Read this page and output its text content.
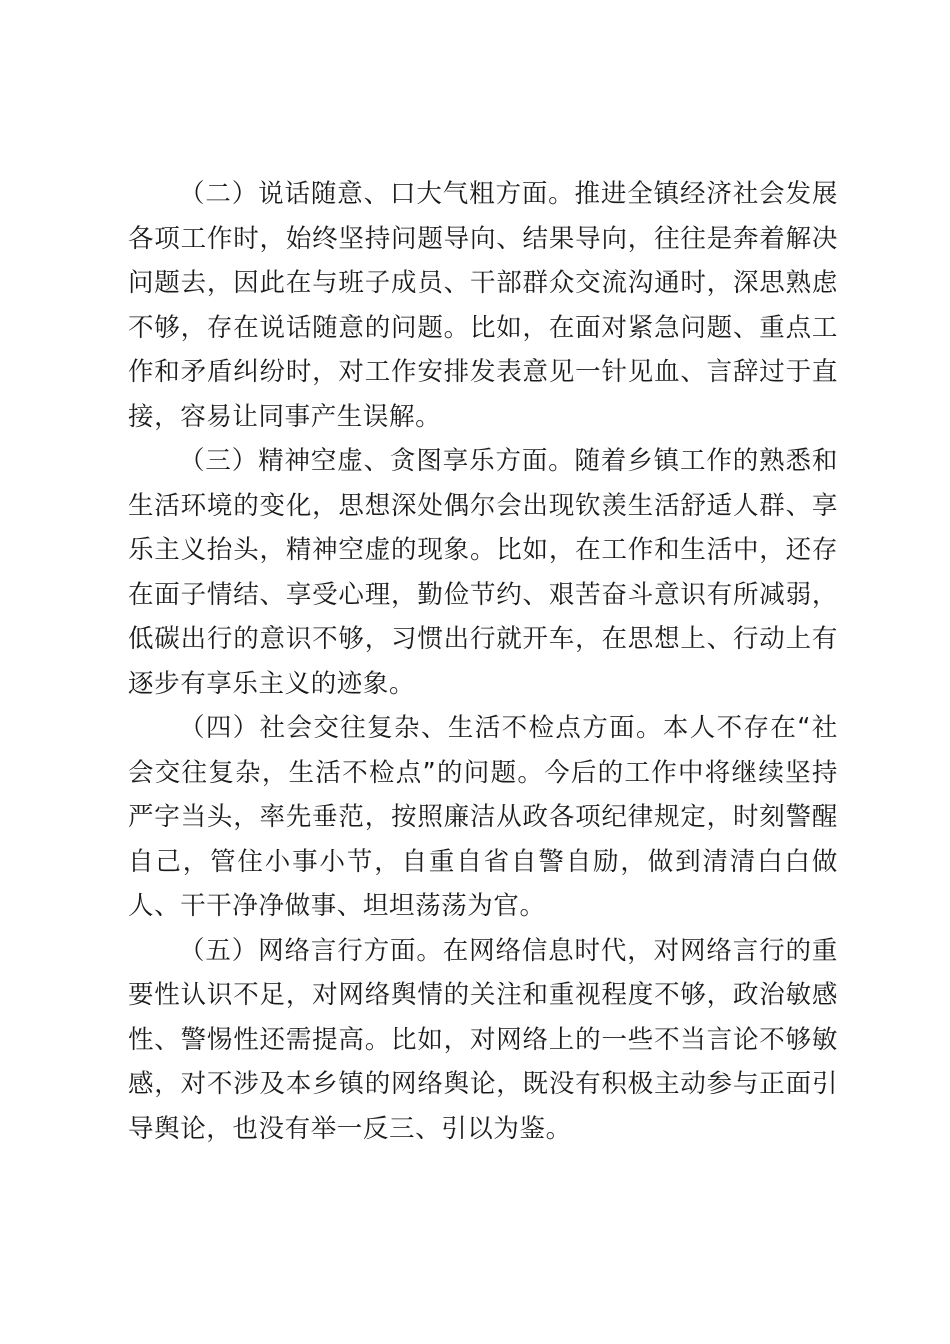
（二）说话随意、口大气粗方面。推进全镇经济社会发展各项工作时，始终坚持问题导向、结果导向，往往是奔着解决问题去，因此在与班子成员、干部群众交流沟通时，深思熟虑不够，存在说话随意的问题。比如，在面对紧急问题、重点工作和矛盾纠纷时，对工作安排发表意见一针见血、言辞过于直接，容易让同事产生误解。

（三）精神空虚、贪图享乐方面。随着乡镇工作的熟悉和生活环境的变化，思想深处偶尔会出现钦羡生活舒适人群、享乐主义抬头，精神空虚的现象。比如，在工作和生活中，还存在面子情结、享受心理，勤俭节约、艰苦奋斗意识有所减弱，低碳出行的意识不够，习惯出行就开车，在思想上、行动上有逐步有享乐主义的迹象。

（四）社会交往复杂、生活不检点方面。本人不存在“社会交往复杂，生活不检点”的问题。今后的工作中将继续坚持严字当头，率先垂范，按照廉洁从政各项纪律规定，时刻警醒自己，管住小事小节，自重自省自警自励，做到清清白白做人、干干净净做事、坦坦荡荡为官。

（五）网络言行方面。在网络信息时代，对网络言行的重要性认识不足，对网络舆情的关注和重视程度不够，政治敏感性、警惕性还需提高。比如，对网络上的一些不当言论不够敏感，对不涉及本乡镇的网络舆论，既没有积极主动参与正面引导舆论，也没有举一反三、引以为鉴。
